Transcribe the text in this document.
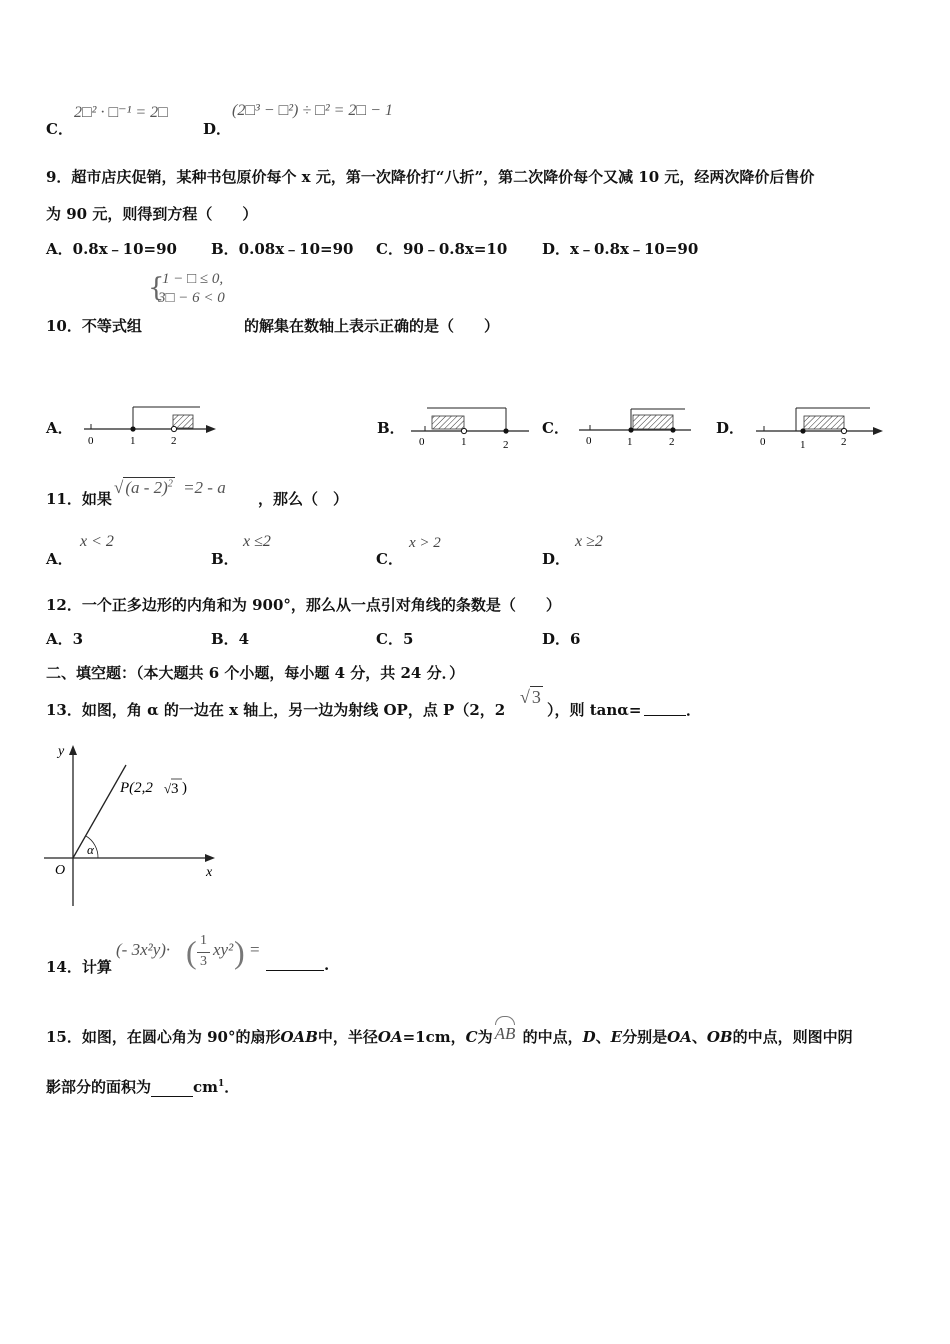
C．
2□² · □⁻¹ = 2□
D．
(2□³ − □²) ÷ □² = 2□ − 1
9．超市店庆促销，某种书包原价每个 x 元，第一次降价打“八折”，第二次降价每个又减 10 元，经两次降价后售价
为 90 元，则得到方程（　　）
A．0.8x﹣10=90 B．0.08x﹣10=90 C．90﹣0.8x=10 D．x﹣0.8x﹣10=90
10．不等式组
{
1 − □ ≤ 0,
3□ − 6 < 0
的解集在数轴上表示正确的是（　　）
A．
0	1	2
B．
0	1	2
C．
0	1	2
D．
0	1	2
11．如果
√ (a - 2)$^2$ =2 - a
，那么（　）
A．
x < 2
B．
x ≤2
C．
x > 2
D．
x ≥2
12．一个正多边形的内角和为 900°，那么从一点引对角线的条数是（　　）
A．3	B．4	C．5	D．6
二、填空题：（本大题共 6 个小题，每小题 4 分，共 24 分．）
13．如图，角 α 的一边在 x 轴上，另一边为射线 OP，点 P（2，2
√ 3
），则 tanα=	．
y
x
O
α
P(2,2 √ 3 )
14．计算
(- 3x²y)· ( 1
3
xy² ) =
.
15．如图，在圆心角为 90°的扇形OAB中，半径OA=1cm，C为 AB 的中点，D、E分别是OA、OB的中点，则图中阴
影部分的面积为	$cm^1$．
